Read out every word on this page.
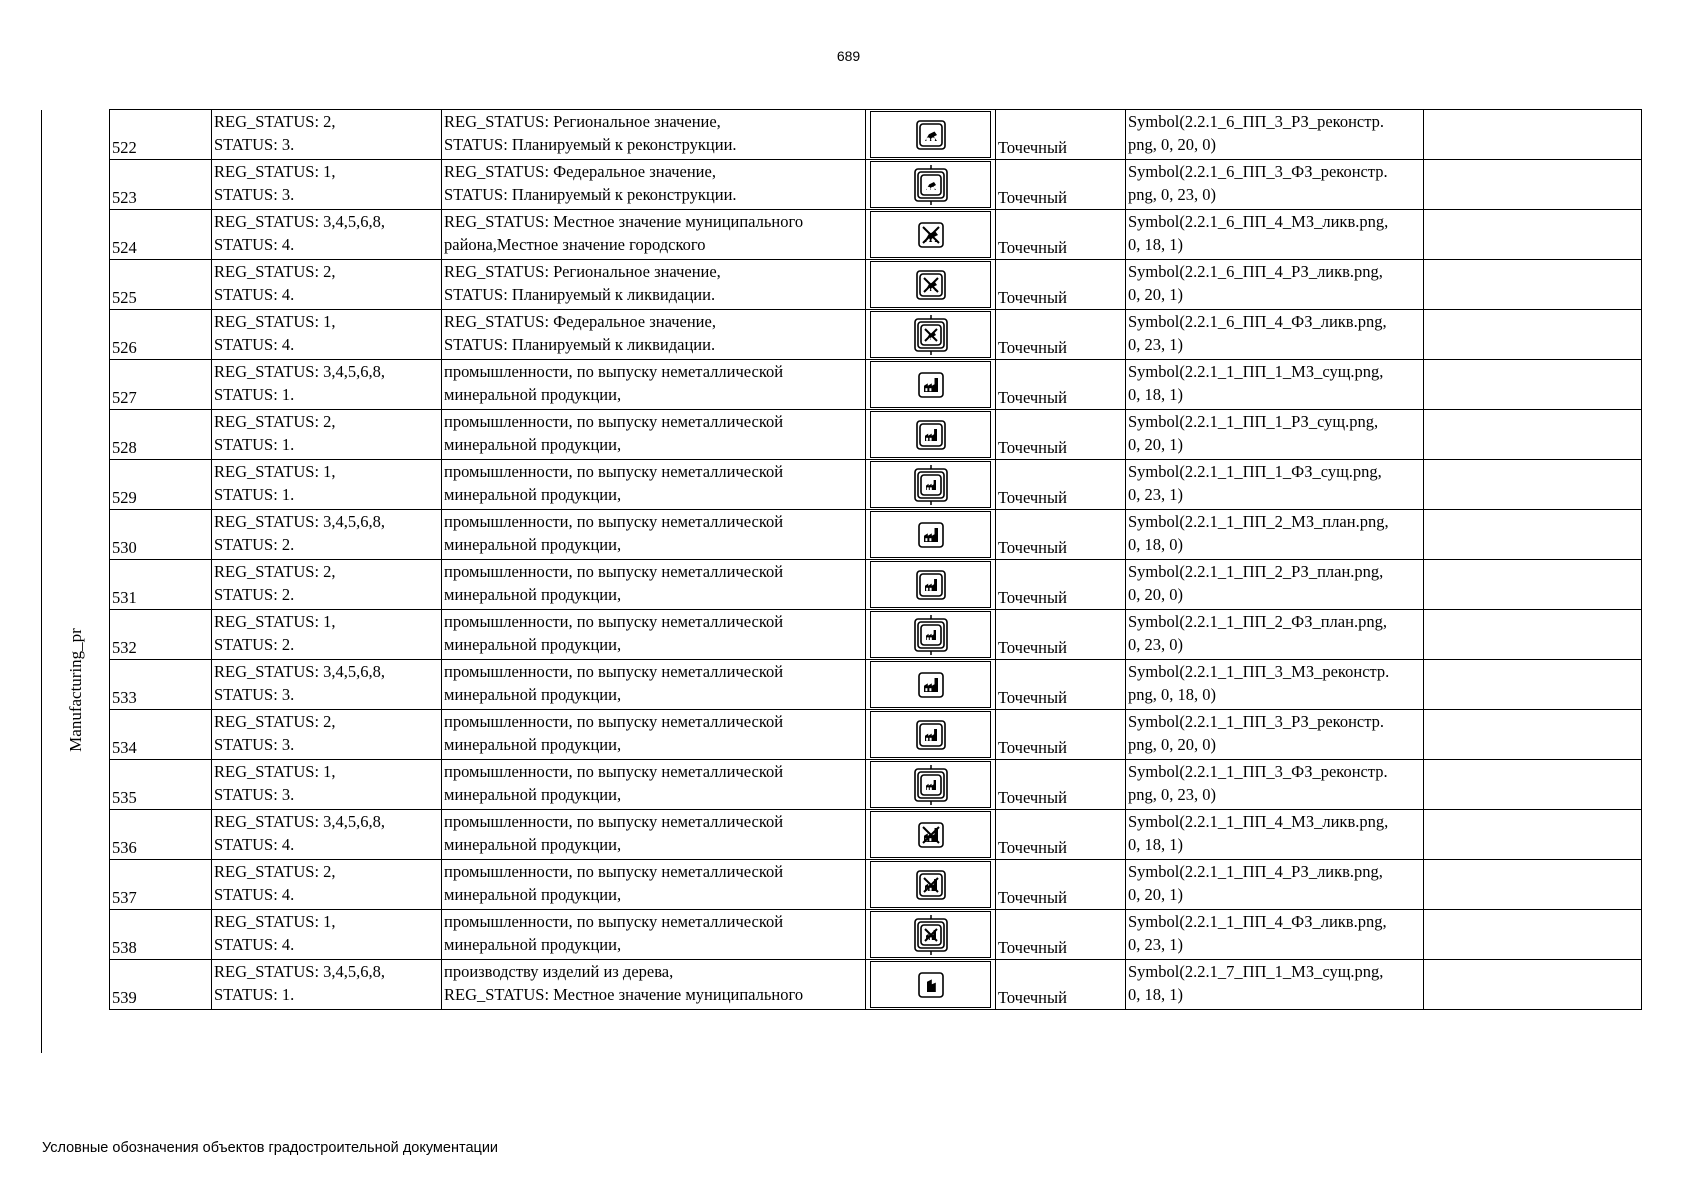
689
Manufacturing_pr
522	REG_STATUS: 2,
STATUS: 3.	REG_STATUS: Региональное значение,
STATUS: Планируемый к реконструкции.		Точечный	Symbol(2.2.1_6_ПП_3_РЗ_реконстр.
png, 0, 20, 0)	
523	REG_STATUS: 1,
STATUS: 3.	REG_STATUS: Федеральное значение,
STATUS: Планируемый к реконструкции.		Точечный	Symbol(2.2.1_6_ПП_3_ФЗ_реконстр.
png, 0, 23, 0)	
524	REG_STATUS: 3,4,5,6,8,
STATUS: 4.	REG_STATUS: Местное значение муниципального
района,Местное значение городского		Точечный	Symbol(2.2.1_6_ПП_4_МЗ_ликв.png,
0, 18, 1)	
525	REG_STATUS: 2,
STATUS: 4.	REG_STATUS: Региональное значение,
STATUS: Планируемый к ликвидации.		Точечный	Symbol(2.2.1_6_ПП_4_РЗ_ликв.png,
0, 20, 1)	
526	REG_STATUS: 1,
STATUS: 4.	REG_STATUS: Федеральное значение,
STATUS: Планируемый к ликвидации.		Точечный	Symbol(2.2.1_6_ПП_4_ФЗ_ликв.png,
0, 23, 1)	
527	REG_STATUS: 3,4,5,6,8,
STATUS: 1.	промышленности, по выпуску неметаллической
минеральной продукции,		Точечный	Symbol(2.2.1_1_ПП_1_МЗ_сущ.png,
0, 18, 1)	
528	REG_STATUS: 2,
STATUS: 1.	промышленности, по выпуску неметаллической
минеральной продукции,		Точечный	Symbol(2.2.1_1_ПП_1_РЗ_сущ.png,
0, 20, 1)	
529	REG_STATUS: 1,
STATUS: 1.	промышленности, по выпуску неметаллической
минеральной продукции,		Точечный	Symbol(2.2.1_1_ПП_1_ФЗ_сущ.png,
0, 23, 1)	
530	REG_STATUS: 3,4,5,6,8,
STATUS: 2.	промышленности, по выпуску неметаллической
минеральной продукции,		Точечный	Symbol(2.2.1_1_ПП_2_МЗ_план.png,
0, 18, 0)	
531	REG_STATUS: 2,
STATUS: 2.	промышленности, по выпуску неметаллической
минеральной продукции,		Точечный	Symbol(2.2.1_1_ПП_2_РЗ_план.png,
0, 20, 0)	
532	REG_STATUS: 1,
STATUS: 2.	промышленности, по выпуску неметаллической
минеральной продукции,		Точечный	Symbol(2.2.1_1_ПП_2_ФЗ_план.png,
0, 23, 0)	
533	REG_STATUS: 3,4,5,6,8,
STATUS: 3.	промышленности, по выпуску неметаллической
минеральной продукции,		Точечный	Symbol(2.2.1_1_ПП_3_МЗ_реконстр.
png, 0, 18, 0)	
534	REG_STATUS: 2,
STATUS: 3.	промышленности, по выпуску неметаллической
минеральной продукции,		Точечный	Symbol(2.2.1_1_ПП_3_РЗ_реконстр.
png, 0, 20, 0)	
535	REG_STATUS: 1,
STATUS: 3.	промышленности, по выпуску неметаллической
минеральной продукции,		Точечный	Symbol(2.2.1_1_ПП_3_ФЗ_реконстр.
png, 0, 23, 0)	
536	REG_STATUS: 3,4,5,6,8,
STATUS: 4.	промышленности, по выпуску неметаллической
минеральной продукции,		Точечный	Symbol(2.2.1_1_ПП_4_МЗ_ликв.png,
0, 18, 1)	
537	REG_STATUS: 2,
STATUS: 4.	промышленности, по выпуску неметаллической
минеральной продукции,		Точечный	Symbol(2.2.1_1_ПП_4_РЗ_ликв.png,
0, 20, 1)	
538	REG_STATUS: 1,
STATUS: 4.	промышленности, по выпуску неметаллической
минеральной продукции,		Точечный	Symbol(2.2.1_1_ПП_4_ФЗ_ликв.png,
0, 23, 1)	
539	REG_STATUS: 3,4,5,6,8,
STATUS: 1.	производству изделий из дерева,
REG_STATUS: Местное значение муниципального		Точечный	Symbol(2.2.1_7_ПП_1_МЗ_сущ.png,
0, 18, 1)	
Условные обозначения объектов градостроительной документации
